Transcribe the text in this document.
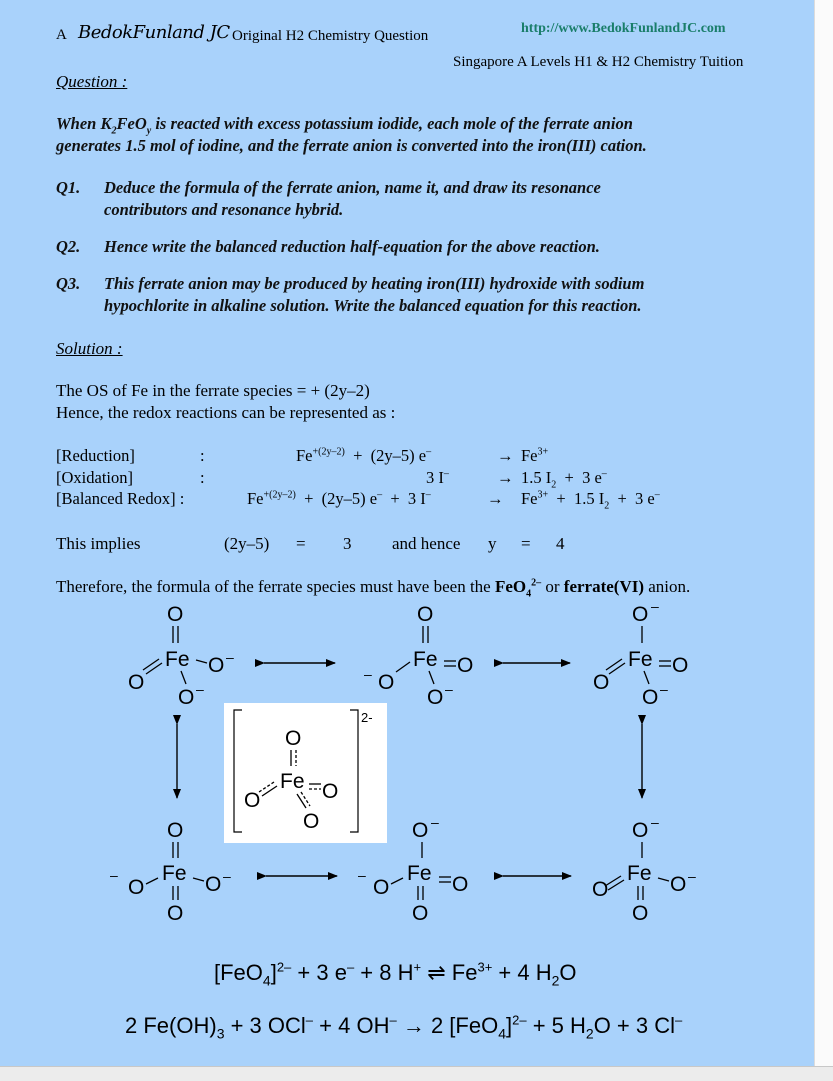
A BedokFunland JC Original H2 Chemistry Question	http://www.BedokFunlandJC.com
Singapore A Levels H1 & H2 Chemistry Tuition
Question :
When $K_2FeO_y$ is reacted with excess potassium iodide, each mole of the ferrate anion
generates 1.5 mol of iodine, and the ferrate anion is converted into the iron(III) cation.
Q1. Deduce the formula of the ferrate anion, name it, and draw its resonance
contributors and resonance hybrid.
Q2. Hence write the balanced reduction half-equation for the above reaction.
Q3. This ferrate anion may be produced by heating iron(III) hydroxide with sodium
hypochlorite in alkaline solution. Write the balanced equation for this reaction.
Solution :
The OS of Fe in the ferrate species = + (2y–2)
Hence, the redox reactions can be represented as :
[Reduction]	:	$Fe^{+(2y-2)} + (2y-5)$ e–	→ $Fe^{3+}$
[Oxidation]	:	3 I–	→ 1.5 $I_2 + 3$ e–
[Balanced Redox] :	$Fe^{+(2y-2)} + (2y-5) e^- + 3$ I–	→ $Fe^{3+} + 1.5$ $I_2 + 3$ e–
This implies	(2y–5) = 3 and hence y = 4
Therefore, the formula of the ferrate species must have been the FeO$_4^{2-}$ or ferrate(VI) anion.
O
Fe
O
O –
O –
O
Fe
– O
O
O –
O –
Fe
O
O
O –
O
Fe
–
O	O –
O
O –
Fe
–
O	O
O
O –
Fe
O	O –
O
2-
O
Fe
O	O
O
$[FeO_4]^{2-} + 3$ e– + 8 H+ ⇌ $Fe^{3+} + 4$ $H_2O$
2 $Fe(OH)_3 + 3$ OCl– + 4 OH– → 2 $[FeO_4]^{2-} + 5$ $H_2O + 3$ Cl–
